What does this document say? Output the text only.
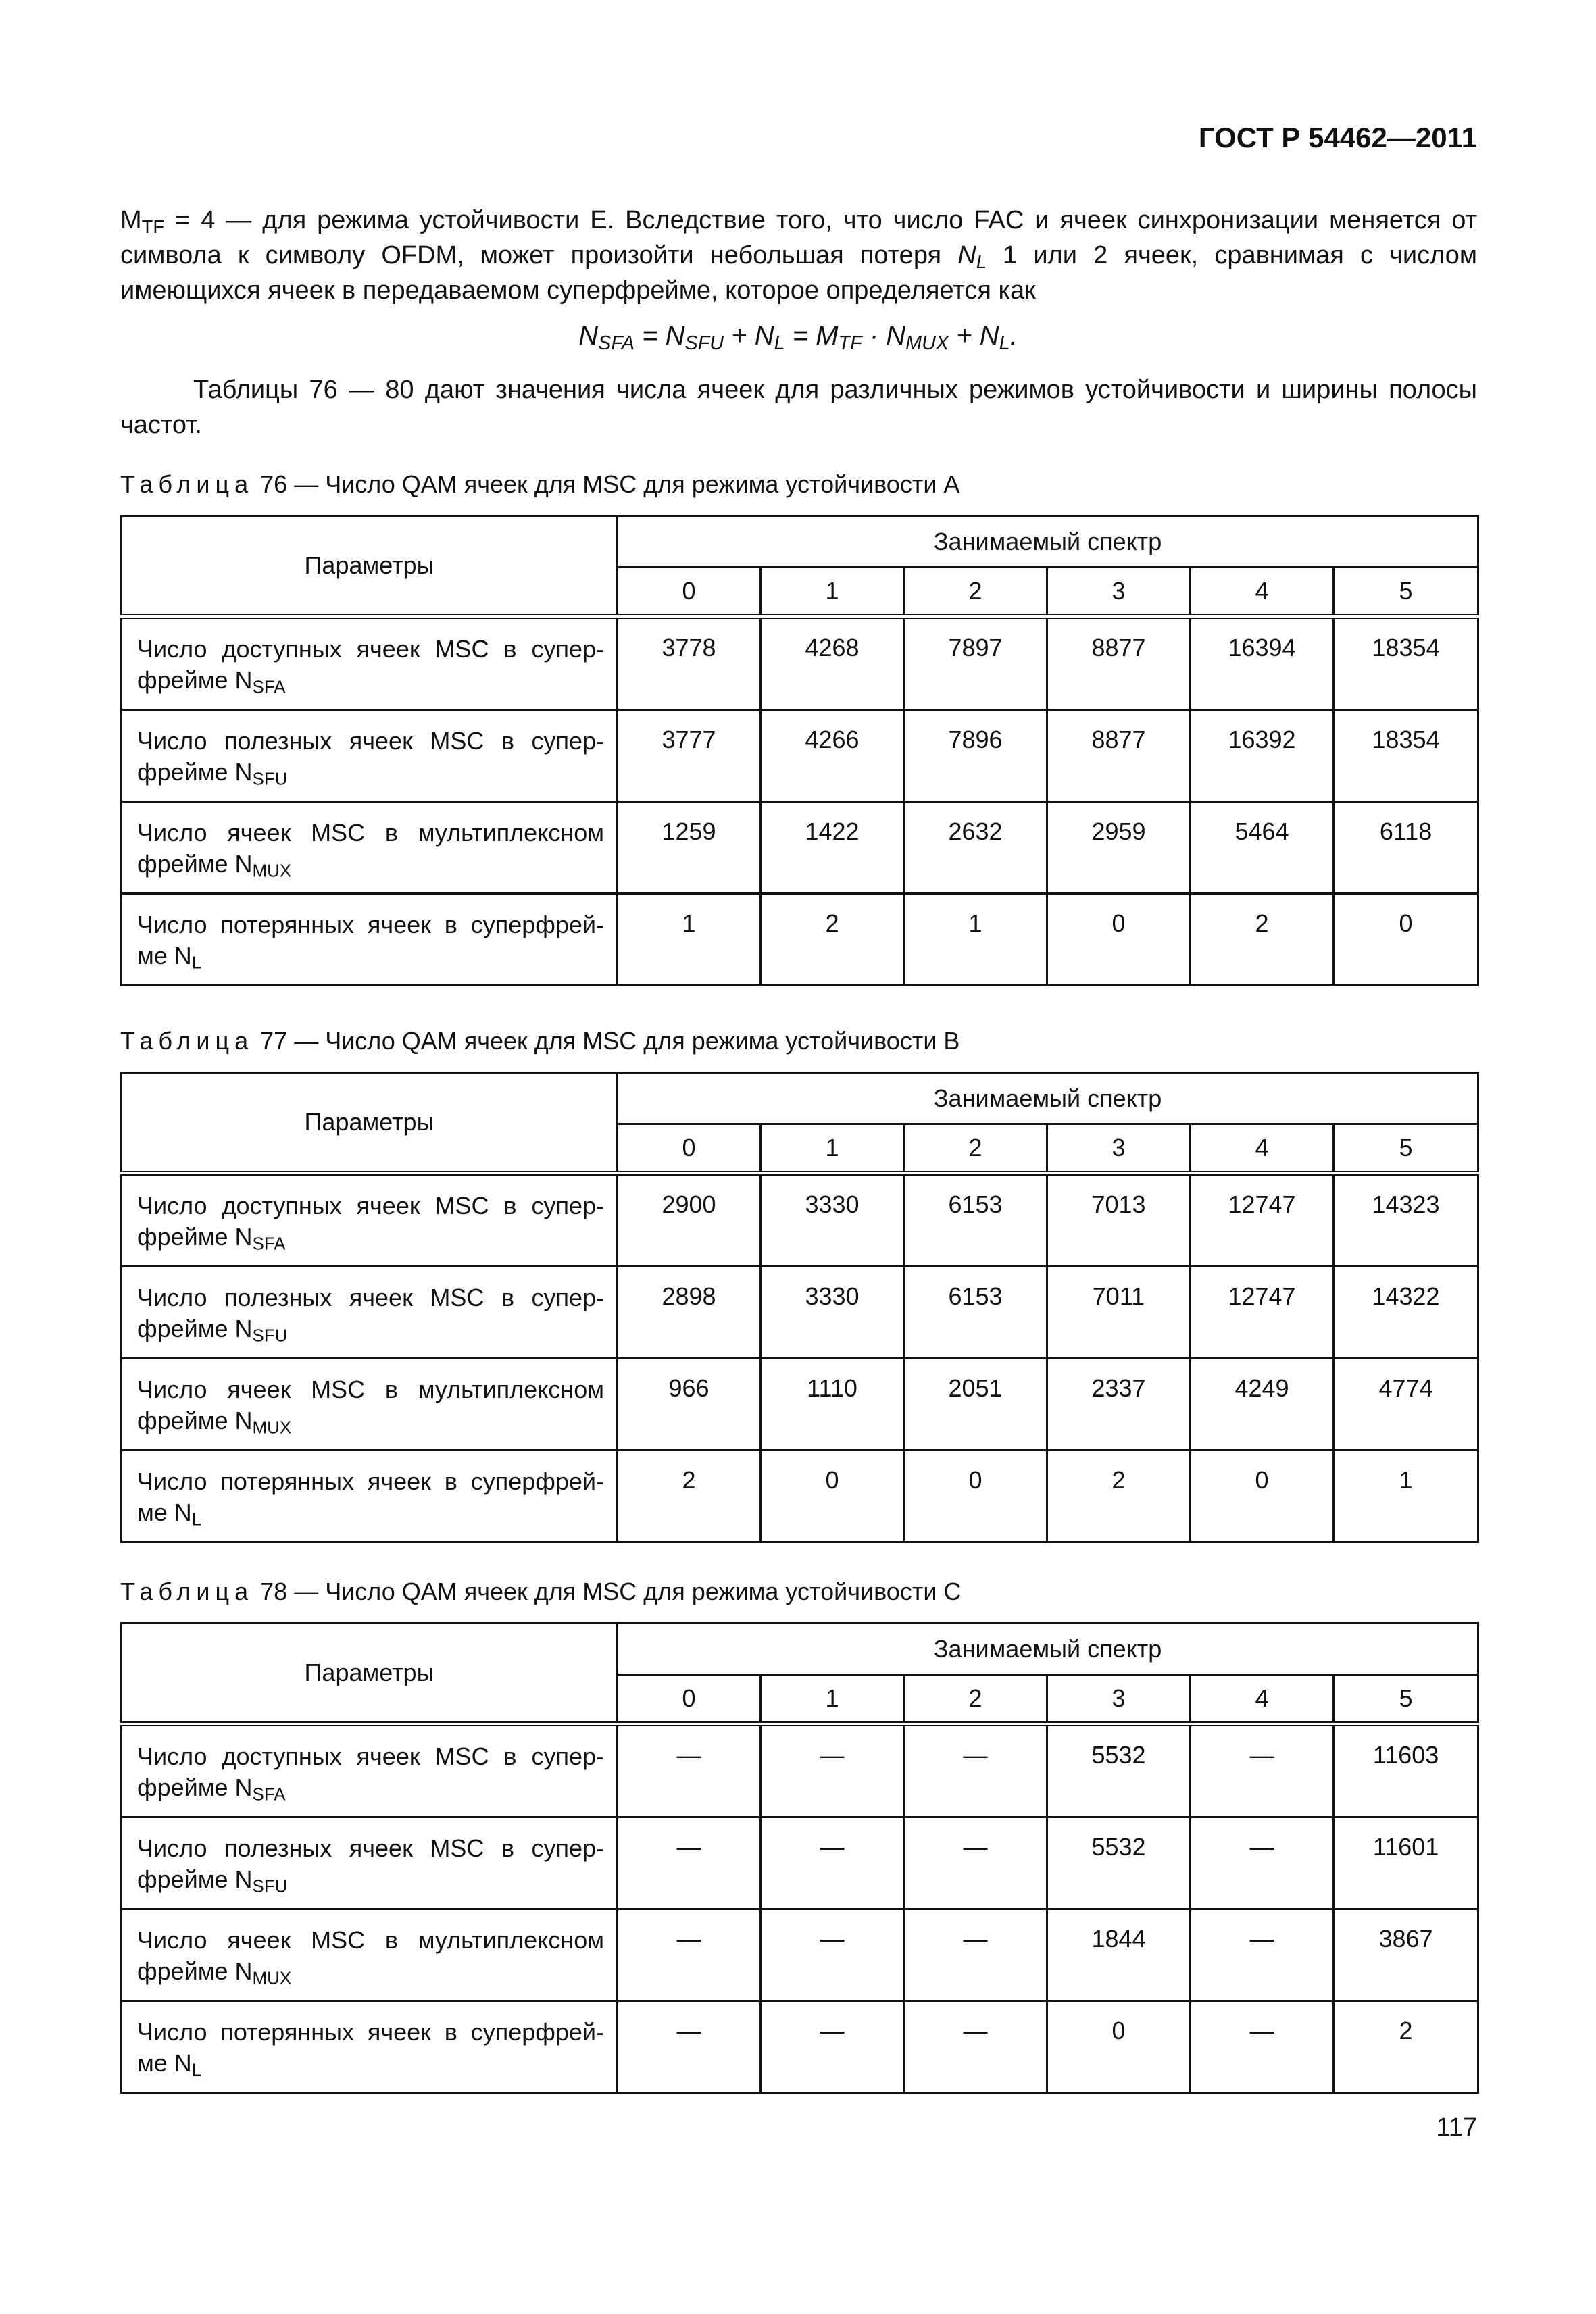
ГОСТ Р 54462—2011
$M_{TF} = 4$ — для режима устойчивости E. Вследствие того, что число FAC и ячеек синхронизации меняется от символа к символу OFDM, может произойти небольшая потеря $N_L$ 1 или 2 ячеек, сравнимая с числом имеющихся ячеек в передаваемом суперфрейме, которое определяется как
$N_{SFA} = N_{SFU} + N_L = M_{TF} \cdot N_{MUX} + N_L$.
Таблицы 76 — 80 дают значения числа ячеек для различных режимов устойчивости и ширины полосы частот.
Таблица 76 — Число QAM ячеек для MSC для режима устойчивости А
Параметры	Занимаемый спектр					
	0	1	2	3	4	5
Число доступных ячеек MSC в супер-фрейме $N_{SFA}$	3778	4268	7897	8877	16394	18354
Число полезных ячеек MSC в супер-фрейме $N_{SFU}$	3777	4266	7896	8877	16392	18354
Число ячеек MSC в мультиплексном фрейме $N_{MUX}$	1259	1422	2632	2959	5464	6118
Число потерянных ячеек в суперфрей-ме $N_L$	1	2	1	0	2	0
Таблица 77 — Число QAM ячеек для MSC для режима устойчивости В
Параметры	Занимаемый спектр					
	0	1	2	3	4	5
Число доступных ячеек MSC в супер-фрейме $N_{SFA}$	2900	3330	6153	7013	12747	14323
Число полезных ячеек MSC в супер-фрейме $N_{SFU}$	2898	3330	6153	7011	12747	14322
Число ячеек MSC в мультиплексном фрейме $N_{MUX}$	966	1110	2051	2337	4249	4774
Число потерянных ячеек в суперфрей-ме $N_L$	2	0	0	2	0	1
Таблица 78 — Число QAM ячеек для MSC для режима устойчивости С
Параметры	Занимаемый спектр					
	0	1	2	3	4	5
Число доступных ячеек MSC в супер-фрейме $N_{SFA}$	—	—	—	5532	—	11603
Число полезных ячеек MSC в супер-фрейме $N_{SFU}$	—	—	—	5532	—	11601
Число ячеек MSC в мультиплексном фрейме $N_{MUX}$	—	—	—	1844	—	3867
Число потерянных ячеек в суперфрей-ме $N_L$	—	—	—	0	—	2
117
